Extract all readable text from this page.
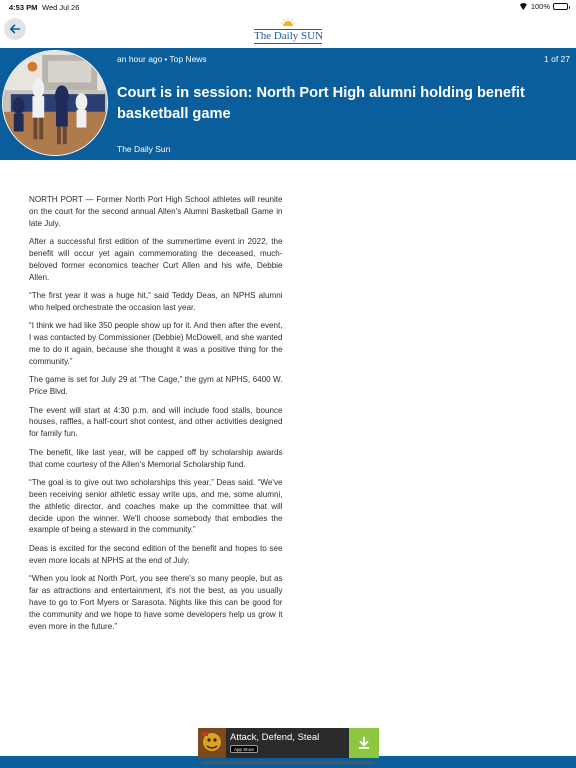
4:53 PM Wed Jul 26	100%
The Daily SUN
an hour ago • Top News	1 of 27
Court is in session: North Port High alumni holding benefit basketball game
The Daily Sun

NORTH PORT — Former North Port High School athletes will reunite on the court for the second annual Allen's Alumni Basketball Game in late July.

After a successful first edition of the summertime event in 2022, the benefit will occur yet again commemorating the deceased, much-beloved former economics teacher Curt Allen and his wife, Debbie Allen.

“The first year it was a huge hit,” said Teddy Deas, an NPHS alumni who helped orchestrate the occasion last year.

“I think we had like 350 people show up for it. And then after the event, I was contacted by Commissioner (Debbie) McDowell, and she wanted me to do it again, because she thought it was a positive thing for the community.”

The game is set for July 29 at “The Cage,” the gym at NPHS, 6400 W. Price Blvd.

The event will start at 4:30 p.m. and will include food stalls, bounce houses, raffles, a half-court shot contest, and other activities designed for family fun.

The benefit, like last year, will be capped off by scholarship awards that come courtesy of the Allen's Memorial Scholarship fund.

“The goal is to give out two scholarships this year,” Deas said. “We've been receiving senior athletic essay write ups, and me, some alumni, the athletic director, and coaches make up the committee that will decide upon the winner. We'll choose somebody that embodies the example of being a steward in the community.”

Deas is excited for the second edition of the benefit and hopes to see even more locals at NPHS at the end of July.

“When you look at North Port, you see there's so many people, but as far as attractions and entertainment, it's not the best, as you usually have to go to Fort Myers or Sarasota. Nights like this can be good for the community and we hope to have some developers help us grow it even more in the future.”

Attack, Defend, Steal
App Store
